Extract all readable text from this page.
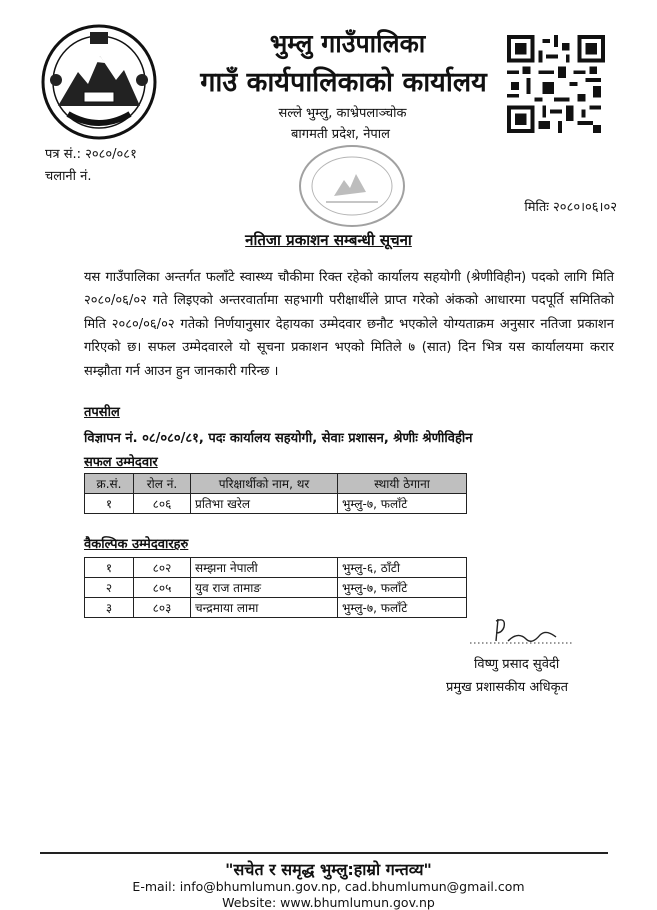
भुम्लु गाउँपालिका
गाउँ कार्यपालिकाको कार्यालय
सल्ले भुम्लु, काभ्रेपलाञ्चोक
बागमती प्रदेश, नेपाल
पत्र सं.: २०८०/०८१
चलानी नं.
मितिः २०८०।०६।०२
नतिजा प्रकाशन सम्बन्धी सूचना
यस गाउँपालिका अन्तर्गत फलाँटे स्वास्थ्य चौकीमा रिक्त रहेको कार्यालय सहयोगी (श्रेणीविहीन) पदको लागि मिति २०८०/०६/०२ गते लिइएको अन्तरवार्तामा सहभागी परीक्षार्थीले प्राप्त गरेको अंकको आधारमा पदपूर्ति समितिको मिति २०८०/०६/०२ गतेको निर्णयानुसार देहायका उम्मेदवार छनौट भएकोले योग्यताक्रम अनुसार नतिजा प्रकाशन गरिएको छ। सफल उम्मेदवारले यो सूचना प्रकाशन भएको मितिले ७ (सात) दिन भित्र यस कार्यालयमा करार सम्झौता गर्न आउन हुन जानकारी गरिन्छ ।
तपसील
विज्ञापन नं. ०८/०८०/८१, पदः कार्यालय सहयोगी, सेवाः प्रशासन, श्रेणीः श्रेणीविहीन
सफल उम्मेदवार
क्र.सं.	रोल नं.	परिक्षार्थीको नाम, थर	स्थायी ठेगाना
१	८०६	प्रतिभा खरेल	भुम्लु-७, फलाँटे
वैकल्पिक उम्मेदवारहरु
१	८०२	सम्झना नेपाली	भुम्लु-६, ठाँटी
२	८०५	युव राज तामाङ	भुम्लु-७, फलाँटे
३	८०३	चन्द्रमाया लामा	भुम्लु-७, फलाँटे
विष्णु प्रसाद सुवेदी
प्रमुख प्रशासकीय अधिकृत
"सचेत र समृद्ध भुम्लु:हाम्रो गन्तव्य"
E-mail: info@bhumlumun.gov.np, cad.bhumlumun@gmail.com
Website: www.bhumlumun.gov.np
